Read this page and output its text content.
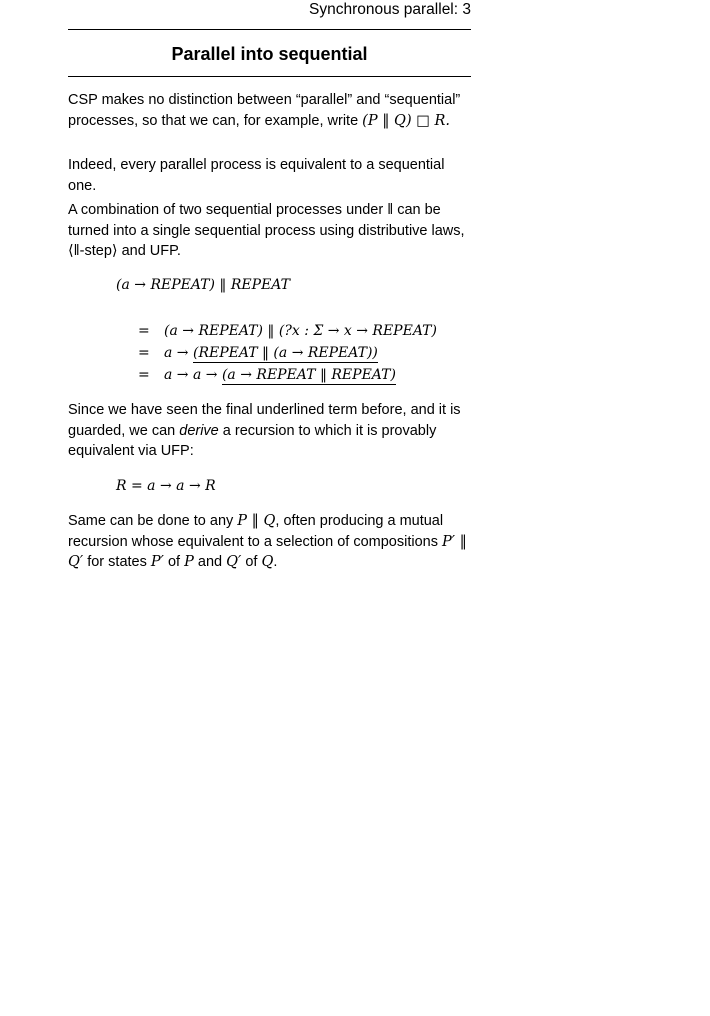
Synchronous parallel: 3
Parallel into sequential
CSP makes no distinction between “parallel” and “sequential” processes, so that we can, for example, write (P ‖ Q) □ R.
Indeed, every parallel process is equivalent to a sequential one.
A combination of two sequential processes under ‖ can be turned into a single sequential process using distributive laws, ⟨‖-step⟩ and UFP.
(a → REPEAT) ‖ REPEAT
= (a → REPEAT) ‖ (?x : Σ → x → REPEAT)
= a → (REPEAT ‖ (a → REPEAT))
= a → a → (a → REPEAT ‖ REPEAT)
Since we have seen the final underlined term before, and it is guarded, we can derive a recursion to which it is provably equivalent via UFP:
R = a → a → R
Same can be done to any P ‖ Q, often producing a mutual recursion whose equivalent to a selection of compositions P′ ‖ Q′ for states P′ of P and Q′ of Q.
